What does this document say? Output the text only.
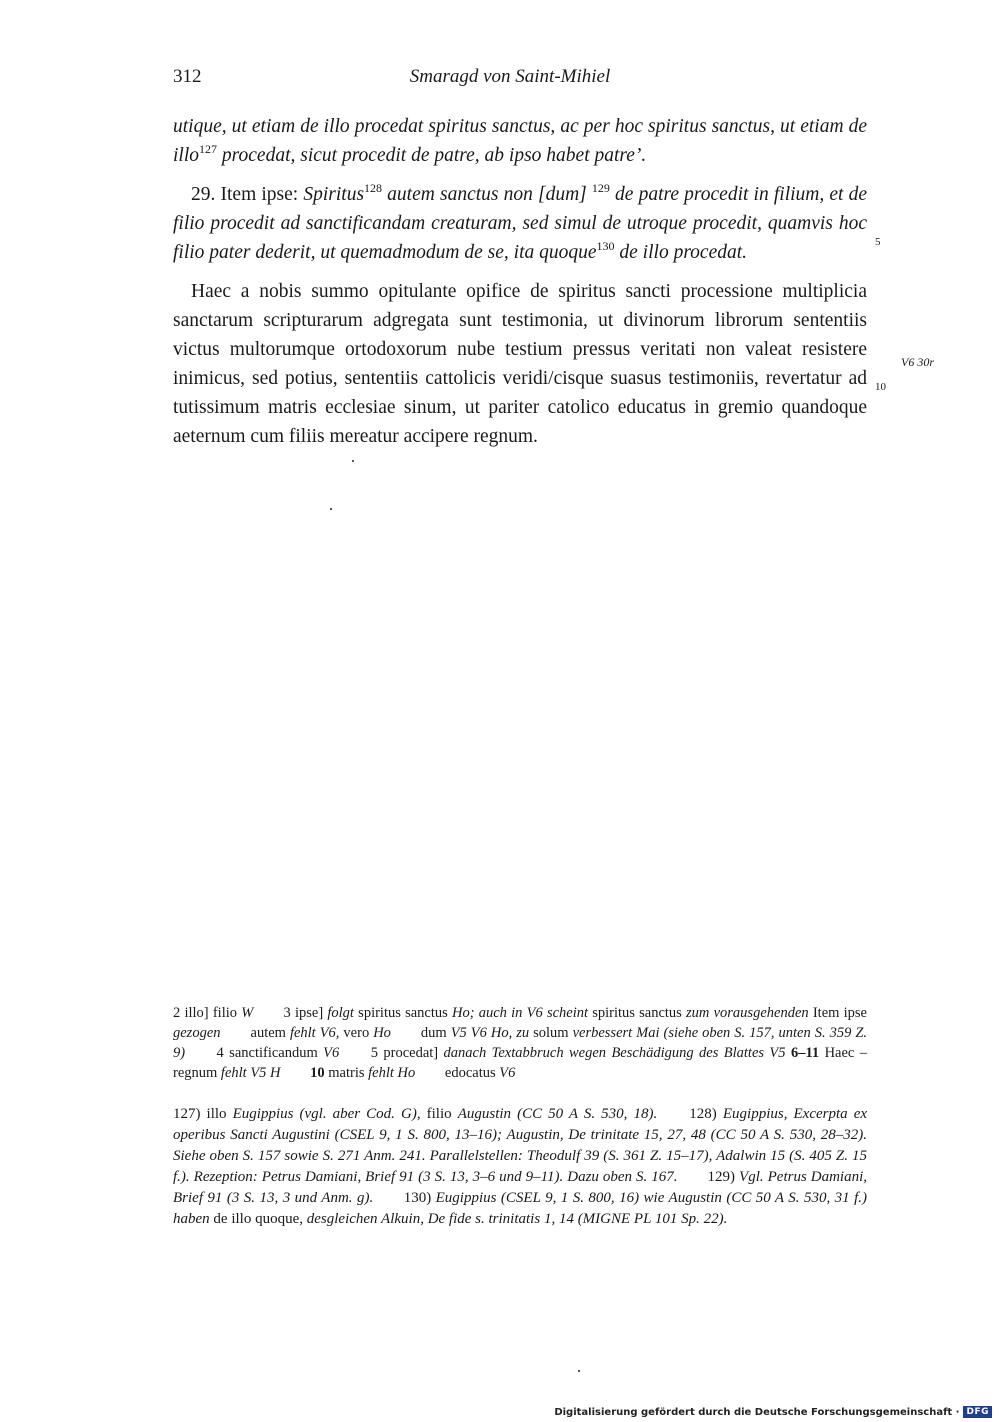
312	Smaragd von Saint-Mihiel

utique, ut etiam de illo procedat spiritus sanctus, ac per hoc spiritus sanctus, ut etiam de illo$^{127}$ procedat, sicut procedit de patre, ab ipso habet patre’.

29. Item ipse: Spiritus$^{128}$ autem sanctus non [dum] $^{129}$ de patre procedit in filium, et de filio procedit ad sanctificandam creaturam, sed simul de utroque procedit, quamvis hoc filio pater dederit, ut quemadmodum de se, ita quoque$^{130}$ de illo procedat.

Haec a nobis summo opitulante opifice de spiritus sancti processione multiplicia sanctarum scripturarum adgregata sunt testimonia, ut divinorum librorum sententiis victus multorumque ortodoxorum nube testium pressus veritati non valeat resistere inimicus, sed potius, sententiis cattolicis veridi/cisque suasus testimoniis, revertatur ad tutissimum matris ecclesiae sinum, ut pariter catolico educatus in gremio quandoque aeternum cum filiis mereatur accipere regnum.

5
10
V6 30r
2 illo] filio W 3 ipse] folgt spiritus sanctus Ho; auch in V6 scheint spiritus sanctus zum vorausgehenden Item ipse gezogen autem fehlt V6, vero Ho dum V5 V6 Ho, zu solum verbessert Mai (siehe oben S. 157, unten S. 359 Z. 9) 4 sanctificandum V6 5 procedat] danach Textabbruch wegen Beschädigung des Blattes V5 6–11 Haec – regnum fehlt V5 H 10 matris fehlt Ho edocatus V6
127) illo Eugippius (vgl. aber Cod. G), filio Augustin (CC 50 A S. 530, 18). 128) Eugippius, Excerpta ex operibus Sancti Augustini (CSEL 9, 1 S. 800, 13–16); Augustin, De trinitate 15, 27, 48 (CC 50 A S. 530, 28–32). Siehe oben S. 157 sowie S. 271 Anm. 241. Parallelstellen: Theodulf 39 (S. 361 Z. 15–17), Adalwin 15 (S. 405 Z. 15 f.). Rezeption: Petrus Damiani, Brief 91 (3 S. 13, 3–6 und 9–11). Dazu oben S. 167. 129) Vgl. Petrus Damiani, Brief 91 (3 S. 13, 3 und Anm. g). 130) Eugippius (CSEL 9, 1 S. 800, 16) wie Augustin (CC 50 A S. 530, 31 f.) haben de illo quoque, desgleichen Alkuin, De fide s. trinitatis 1, 14 (MIGNE PL 101 Sp. 22).
Digitalisierung gefördert durch die Deutsche Forschungsgemeinschaft · DFG
